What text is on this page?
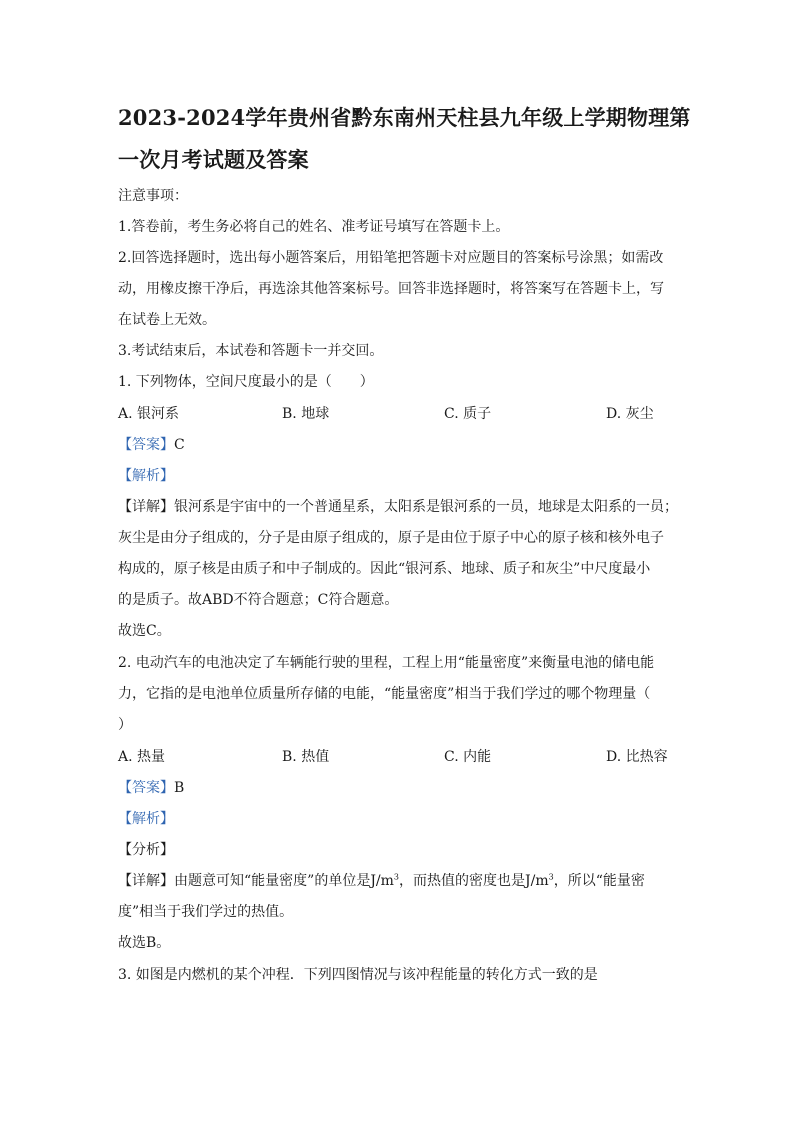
2023-2024学年贵州省黔东南州天柱县九年级上学期物理第
一次月考试题及答案
注意事项：
1.答卷前，考生务必将自己的姓名、准考证号填写在答题卡上。
2.回答选择题时，选出每小题答案后，用铅笔把答题卡对应题目的答案标号涂黑；如需改
动，用橡皮擦干净后，再选涂其他答案标号。回答非选择题时，将答案写在答题卡上，写
在试卷上无效。
3.考试结束后，本试卷和答题卡一并交回。
1. 下列物体，空间尺度最小的是（　　）
A. 银河系	B. 地球	C. 质子	D. 灰尘
【答案】C
【解析】
【详解】银河系是宇宙中的一个普通星系，太阳系是银河系的一员，地球是太阳系的一员；
灰尘是由分子组成的，分子是由原子组成的，原子是由位于原子中心的原子核和核外电子
构成的，原子核是由质子和中子制成的。因此“银河系、地球、质子和灰尘”中尺度最小
的是质子。故ABD不符合题意；C符合题意。
故选C。
2. 电动汽车的电池决定了车辆能行驶的里程，工程上用“能量密度”来衡量电池的储电能
力，它指的是电池单位质量所存储的电能，“能量密度”相当于我们学过的哪个物理量（
）
A. 热量	B. 热值	C. 内能	D. 比热容
【答案】B
【解析】
【分析】
【详解】由题意可知“能量密度”的单位是$J/m^3$，而热值的密度也是$J/m^3$，所以“能量密
度”相当于我们学过的热值。
故选B。
3. 如图是内燃机的某个冲程．下列四图情况与该冲程能量的转化方式一致的是
